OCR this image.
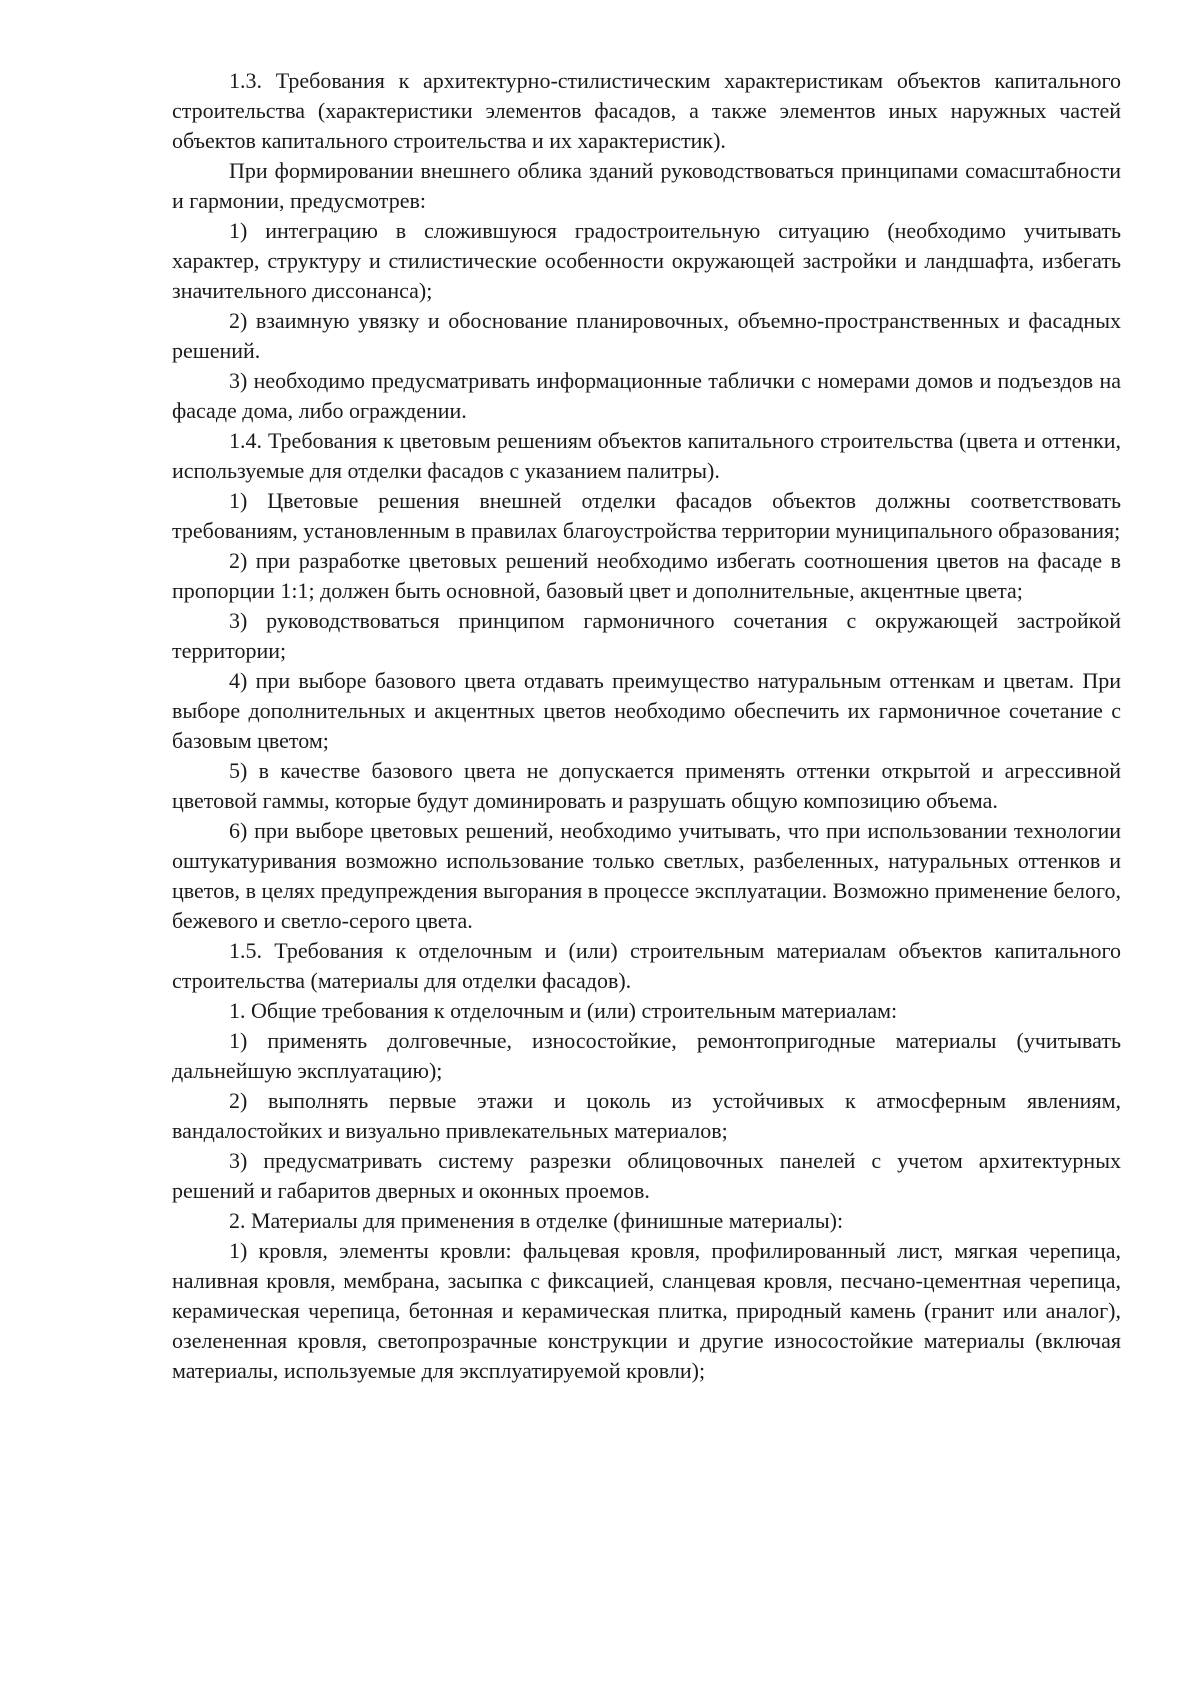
1.3. Требования к архитектурно-стилистическим характеристикам объектов капитального строительства (характеристики элементов фасадов, а также элементов иных наружных частей объектов капитального строительства и их характеристик).

При формировании внешнего облика зданий руководствоваться принципами сомасштабности и гармонии, предусмотрев:

1) интеграцию в сложившуюся градостроительную ситуацию (необходимо учитывать характер, структуру и стилистические особенности окружающей застройки и ландшафта, избегать значительного диссонанса);

2) взаимную увязку и обоснование планировочных, объемно-пространственных и фасадных решений.

3) необходимо предусматривать информационные таблички с номерами домов и подъездов на фасаде дома, либо ограждении.

1.4. Требования к цветовым решениям объектов капитального строительства (цвета и оттенки, используемые для отделки фасадов с указанием палитры).

1) Цветовые решения внешней отделки фасадов объектов должны соответствовать требованиям, установленным в правилах благоустройства территории муниципального образования;

2) при разработке цветовых решений необходимо избегать соотношения цветов на фасаде в пропорции 1:1; должен быть основной, базовый цвет и дополнительные, акцентные цвета;

3) руководствоваться принципом гармоничного сочетания с окружающей застройкой территории;

4) при выборе базового цвета отдавать преимущество натуральным оттенкам и цветам. При выборе дополнительных и акцентных цветов необходимо обеспечить их гармоничное сочетание с базовым цветом;

5) в качестве базового цвета не допускается применять оттенки открытой и агрессивной цветовой гаммы, которые будут доминировать и разрушать общую композицию объема.

6) при выборе цветовых решений, необходимо учитывать, что при использовании технологии оштукатуривания возможно использование только светлых, разбеленных, натуральных оттенков и цветов, в целях предупреждения выгорания в процессе эксплуатации. Возможно применение белого, бежевого и светло-серого цвета.

1.5. Требования к отделочным и (или) строительным материалам объектов капитального строительства (материалы для отделки фасадов).

1. Общие требования к отделочным и (или) строительным материалам:

1) применять долговечные, износостойкие, ремонтопригодные материалы (учитывать дальнейшую эксплуатацию);

2) выполнять первые этажи и цоколь из устойчивых к атмосферным явлениям, вандалостойких и визуально привлекательных материалов;

3) предусматривать систему разрезки облицовочных панелей с учетом архитектурных решений и габаритов дверных и оконных проемов.

2. Материалы для применения в отделке (финишные материалы):

1) кровля, элементы кровли: фальцевая кровля, профилированный лист, мягкая черепица, наливная кровля, мембрана, засыпка с фиксацией, сланцевая кровля, песчано-цементная черепица, керамическая черепица, бетонная и керамическая плитка, природный камень (гранит или аналог), озелененная кровля, светопрозрачные конструкции и другие износостойкие материалы (включая материалы, используемые для эксплуатируемой кровли);
